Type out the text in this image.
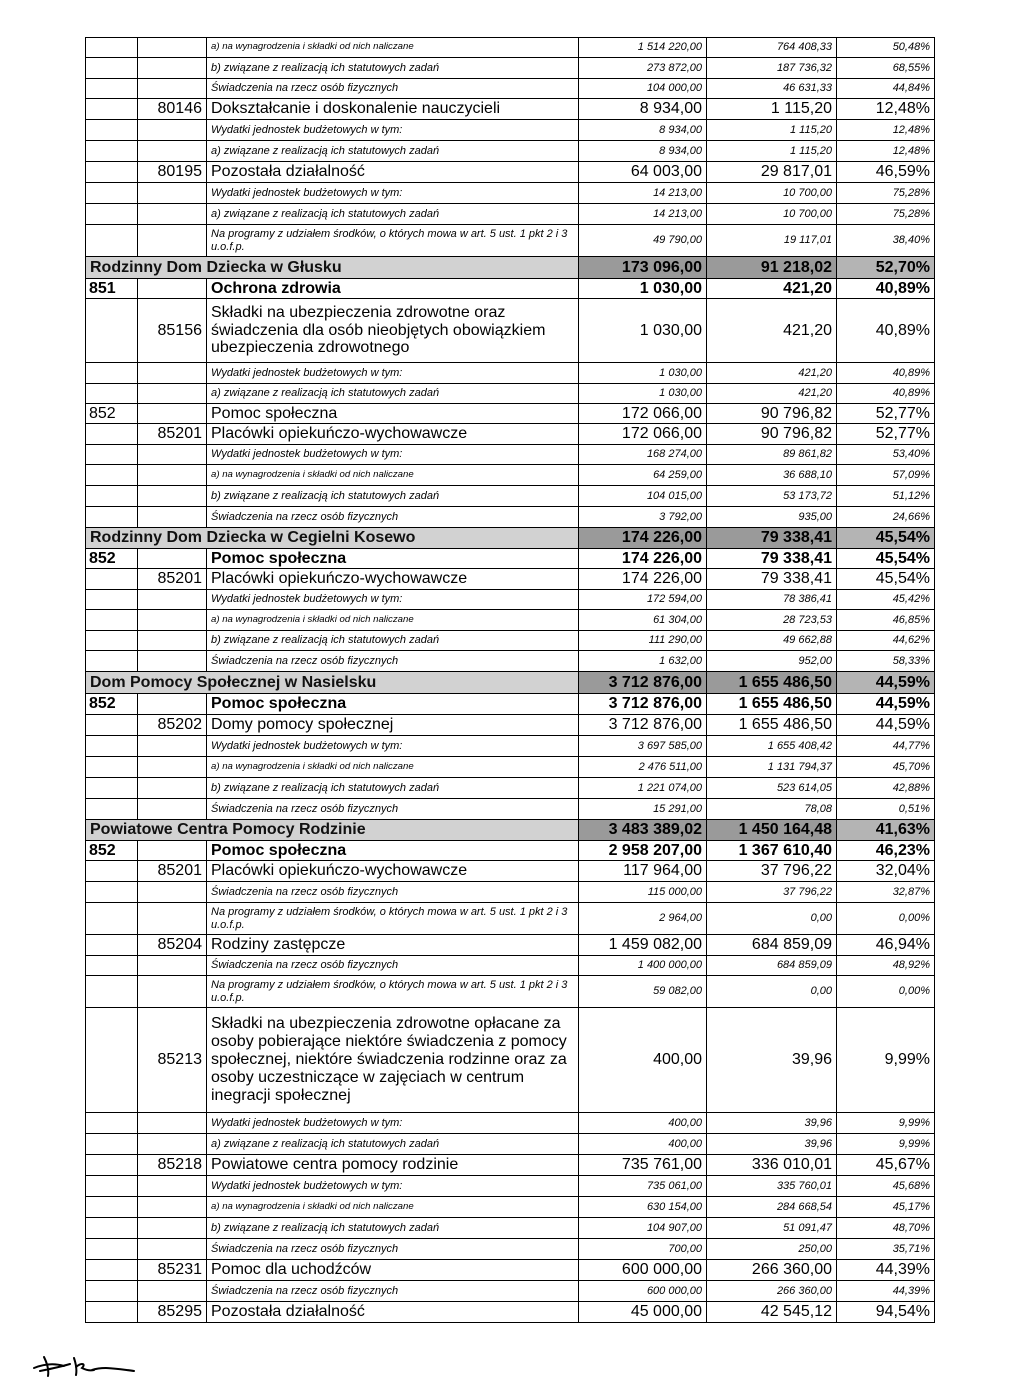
		a) na wynagrodzenia i składki od nich naliczane	1 514 220,00	764 408,33	50,48%
		b) związane z realizacją ich statutowych zadań	273 872,00	187 736,32	68,55%
		Świadczenia na rzecz osób fizycznych	104 000,00	46 631,33	44,84%
	80146	Dokształcanie i doskonalenie nauczycieli	8 934,00	1 115,20	12,48%
		Wydatki jednostek budżetowych w tym:	8 934,00	1 115,20	12,48%
		a) związane z realizacją ich statutowych zadań	8 934,00	1 115,20	12,48%
	80195	Pozostała działalność	64 003,00	29 817,01	46,59%
		Wydatki jednostek budżetowych w tym:	14 213,00	10 700,00	75,28%
		a) związane z realizacją ich statutowych zadań	14 213,00	10 700,00	75,28%
		Na programy z udziałem środków, o których mowa w art. 5 ust. 1 pkt 2 i 3 u.o.f.p.	49 790,00	19 117,01	38,40%
Rodzinny Dom Dziecka w Głusku			173 096,00	91 218,02	52,70%
851		Ochrona zdrowia	1 030,00	421,20	40,89%
	85156	Składki na ubezpieczenia zdrowotne oraz świadczenia dla osób nieobjętych obowiązkiem ubezpieczenia zdrowotnego	1 030,00	421,20	40,89%
		Wydatki jednostek budżetowych w tym:	1 030,00	421,20	40,89%
		a) związane z realizacją ich statutowych zadań	1 030,00	421,20	40,89%
852		Pomoc społeczna	172 066,00	90 796,82	52,77%
	85201	Placówki opiekuńczo-wychowawcze	172 066,00	90 796,82	52,77%
		Wydatki jednostek budżetowych w tym:	168 274,00	89 861,82	53,40%
		a) na wynagrodzenia i składki od nich naliczane	64 259,00	36 688,10	57,09%
		b) związane z realizacją ich statutowych zadań	104 015,00	53 173,72	51,12%
		Świadczenia na rzecz osób fizycznych	3 792,00	935,00	24,66%
Rodzinny Dom Dziecka w Cegielni Kosewo			174 226,00	79 338,41	45,54%
852		Pomoc społeczna	174 226,00	79 338,41	45,54%
	85201	Placówki opiekuńczo-wychowawcze	174 226,00	79 338,41	45,54%
		Wydatki jednostek budżetowych w tym:	172 594,00	78 386,41	45,42%
		a) na wynagrodzenia i składki od nich naliczane	61 304,00	28 723,53	46,85%
		b) związane z realizacją ich statutowych zadań	111 290,00	49 662,88	44,62%
		Świadczenia na rzecz osób fizycznych	1 632,00	952,00	58,33%
Dom Pomocy Społecznej w Nasielsku			3 712 876,00	1 655 486,50	44,59%
852		Pomoc społeczna	3 712 876,00	1 655 486,50	44,59%
	85202	Domy pomocy społecznej	3 712 876,00	1 655 486,50	44,59%
		Wydatki jednostek budżetowych w tym:	3 697 585,00	1 655 408,42	44,77%
		a) na wynagrodzenia i składki od nich naliczane	2 476 511,00	1 131 794,37	45,70%
		b) związane z realizacją ich statutowych zadań	1 221 074,00	523 614,05	42,88%
		Świadczenia na rzecz osób fizycznych	15 291,00	78,08	0,51%
Powiatowe Centra Pomocy Rodzinie			3 483 389,02	1 450 164,48	41,63%
852		Pomoc społeczna	2 958 207,00	1 367 610,40	46,23%
	85201	Placówki opiekuńczo-wychowawcze	117 964,00	37 796,22	32,04%
		Świadczenia na rzecz osób fizycznych	115 000,00	37 796,22	32,87%
		Na programy z udziałem środków, o których mowa w art. 5 ust. 1 pkt 2 i 3 u.o.f.p.	2 964,00	0,00	0,00%
	85204	Rodziny zastępcze	1 459 082,00	684 859,09	46,94%
		Świadczenia na rzecz osób fizycznych	1 400 000,00	684 859,09	48,92%
		Na programy z udziałem środków, o których mowa w art. 5 ust. 1 pkt 2 i 3 u.o.f.p.	59 082,00	0,00	0,00%
	85213	Składki na ubezpieczenia zdrowotne opłacane za osoby pobierające niektóre świadczenia z pomocy społecznej, niektóre świadczenia rodzinne oraz za osoby uczestniczące w zajęciach w centrum inegracji społecznej	400,00	39,96	9,99%
		Wydatki jednostek budżetowych w tym:	400,00	39,96	9,99%
		a) związane z realizacją ich statutowych zadań	400,00	39,96	9,99%
	85218	Powiatowe centra pomocy rodzinie	735 761,00	336 010,01	45,67%
		Wydatki jednostek budżetowych w tym:	735 061,00	335 760,01	45,68%
		a) na wynagrodzenia i składki od nich naliczane	630 154,00	284 668,54	45,17%
		b) związane z realizacją ich statutowych zadań	104 907,00	51 091,47	48,70%
		Świadczenia na rzecz osób fizycznych	700,00	250,00	35,71%
	85231	Pomoc dla uchodźców	600 000,00	266 360,00	44,39%
		Świadczenia na rzecz osób fizycznych	600 000,00	266 360,00	44,39%
	85295	Pozostała działalność	45 000,00	42 545,12	94,54%
